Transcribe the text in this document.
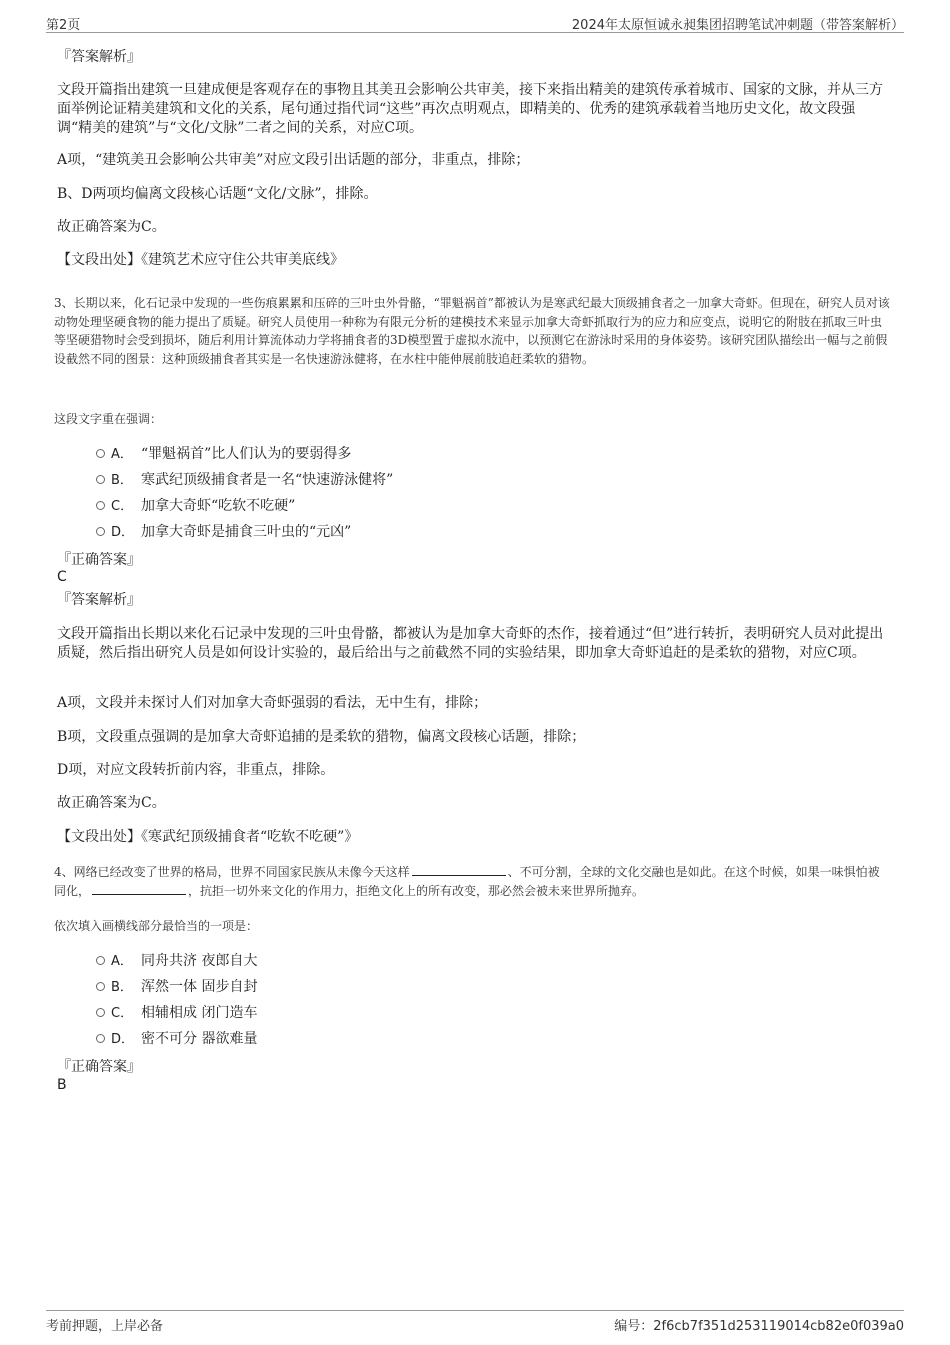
第2页	2024年太原恒诚永昶集团招聘笔试冲刺题（带答案解析）

『答案解析』

文段开篇指出建筑一旦建成便是客观存在的事物且其美丑会影响公共审美，接下来指出精美的建筑传承着城市、国家的文脉，并从三方面举例论证精美建筑和文化的关系，尾句通过指代词“这些”再次点明观点，即精美的、优秀的建筑承载着当地历史文化，故文段强调“精美的建筑”与“文化/文脉”二者之间的关系，对应C项。

A项，“建筑美丑会影响公共审美”对应文段引出话题的部分，非重点，排除；

B、D两项均偏离文段核心话题“文化/文脉”，排除。

故正确答案为C。

【文段出处】《建筑艺术应守住公共审美底线》

3、长期以来，化石记录中发现的一些伤痕累累和压碎的三叶虫外骨骼，“罪魁祸首”都被认为是寒武纪最大顶级捕食者之一加拿大奇虾。但现在，研究人员对该动物处理坚硬食物的能力提出了质疑。研究人员使用一种称为有限元分析的建模技术来显示加拿大奇虾抓取行为的应力和应变点，说明它的附肢在抓取三叶虫等坚硬猎物时会受到损坏，随后利用计算流体动力学将捕食者的3D模型置于虚拟水流中，以预测它在游泳时采用的身体姿势。该研究团队描绘出一幅与之前假设截然不同的图景：这种顶级捕食者其实是一名快速游泳健将，在水柱中能伸展前肢追赶柔软的猎物。

这段文字重在强调：

A． “罪魁祸首”比人们认为的要弱得多
B． 寒武纪顶级捕食者是一名“快速游泳健将”
C． 加拿大奇虾“吃软不吃硬”
D． 加拿大奇虾是捕食三叶虫的“元凶”

『正确答案』

C

『答案解析』

文段开篇指出长期以来化石记录中发现的三叶虫骨骼，都被认为是加拿大奇虾的杰作，接着通过“但”进行转折，表明研究人员对此提出质疑，然后指出研究人员是如何设计实验的，最后给出与之前截然不同的实验结果，即加拿大奇虾追赶的是柔软的猎物，对应C项。

A项，文段并未探讨人们对加拿大奇虾强弱的看法，无中生有，排除；

B项，文段重点强调的是加拿大奇虾追捕的是柔软的猎物，偏离文段核心话题，排除；

D项，对应文段转折前内容，非重点，排除。

故正确答案为C。

【文段出处】《寒武纪顶级捕食者“吃软不吃硬”》

4、网络已经改变了世界的格局，世界不同国家民族从未像今天这样	、不可分割，全球的文化交融也是如此。在这个时候，如果一味惧怕被同化，	，抗拒一切外来文化的作用力，拒绝文化上的所有改变，那必然会被未来世界所抛弃。

依次填入画横线部分最恰当的一项是：

A． 同舟共济 夜郎自大
B． 浑然一体 固步自封
C． 相辅相成 闭门造车
D． 密不可分 器欲难量

『正确答案』

B

考前押题，上岸必备	编号：2f6cb7f351d253119014cb82e0f039a0
